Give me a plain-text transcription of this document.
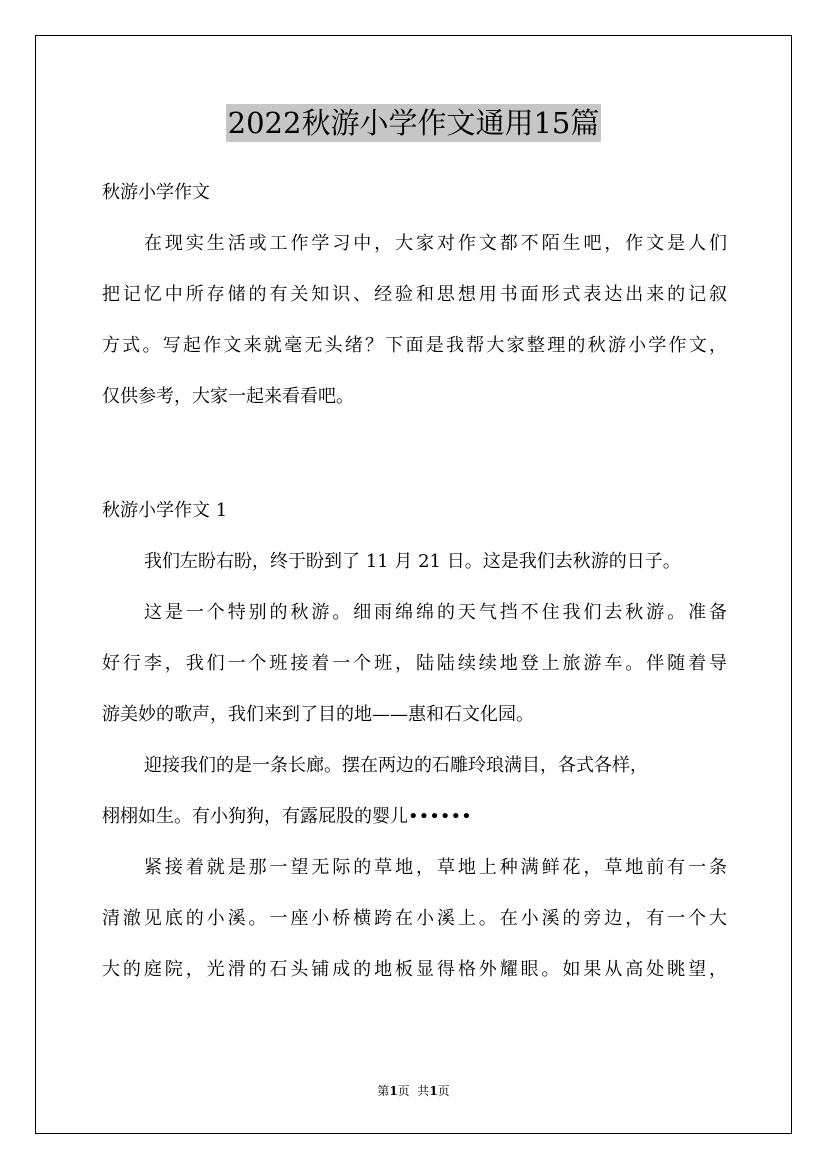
2022秋游小学作文通用15篇
秋游小学作文
在现实生活或工作学习中，大家对作文都不陌生吧，作文是人们
把记忆中所存储的有关知识、经验和思想用书面形式表达出来的记叙
方式。写起作文来就毫无头绪？下面是我帮大家整理的秋游小学作文，
仅供参考，大家一起来看看吧。
秋游小学作文 1
我们左盼右盼，终于盼到了 11 月 21 日。这是我们去秋游的日子。
这是一个特别的秋游。细雨绵绵的天气挡不住我们去秋游。准备
好行李，我们一个班接着一个班，陆陆续续地登上旅游车。伴随着导
游美妙的歌声，我们来到了目的地——惠和石文化园。
迎接我们的是一条长廊。摆在两边的石雕玲琅满目，各式各样，
栩栩如生。有小狗狗，有露屁股的婴儿••••••
紧接着就是那一望无际的草地，草地上种满鲜花，草地前有一条
清澈见底的小溪。一座小桥横跨在小溪上。在小溪的旁边，有一个大
大的庭院，光滑的石头铺成的地板显得格外耀眼。如果从高处眺望，
第1页  共1页
